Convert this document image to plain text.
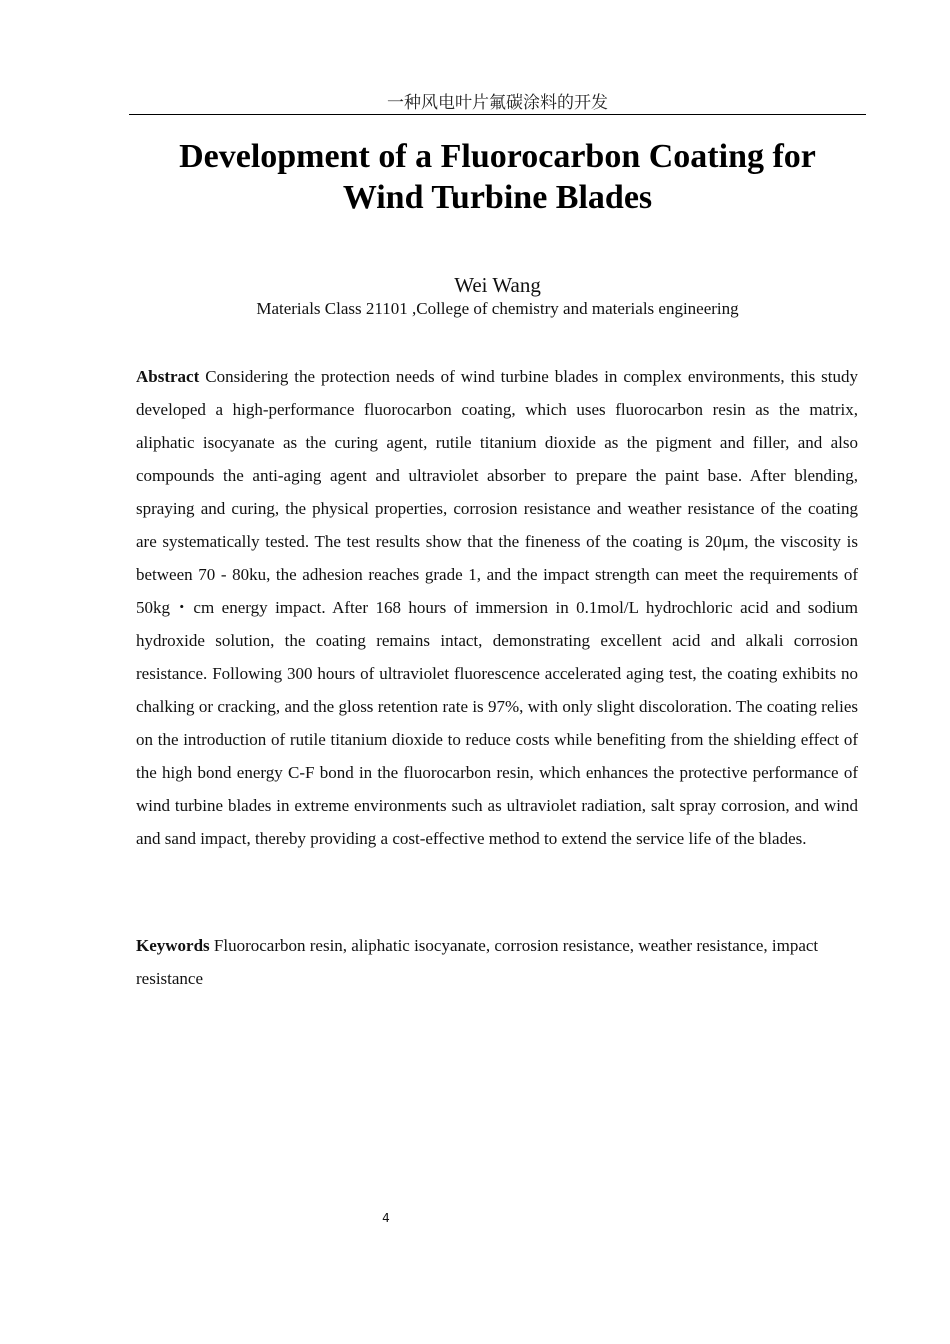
一种风电叶片氟碳涂料的开发
Development of a Fluorocarbon Coating for
Wind Turbine Blades
Wei Wang
Materials Class 21101 ,College of chemistry and materials engineering

Abstract Considering the protection needs of wind turbine blades in complex environments, this study developed a high-performance fluorocarbon coating, which uses fluorocarbon resin as the matrix, aliphatic isocyanate as the curing agent, rutile titanium dioxide as the pigment and filler, and also compounds the anti-aging agent and ultraviolet absorber to prepare the paint base. After blending, spraying and curing, the physical properties, corrosion resistance and weather resistance of the coating are systematically tested. The test results show that the fineness of the coating is 20μm, the viscosity is between 70 - 80ku, the adhesion reaches grade 1, and the impact strength can meet the requirements of 50kg・cm energy impact. After 168 hours of immersion in 0.1mol/L hydrochloric acid and sodium hydroxide solution, the coating remains intact, demonstrating excellent acid and alkali corrosion resistance. Following 300 hours of ultraviolet fluorescence accelerated aging test, the coating exhibits no chalking or cracking, and the gloss retention rate is 97%, with only slight discoloration. The coating relies on the introduction of rutile titanium dioxide to reduce costs while benefiting from the shielding effect of the high bond energy C-F bond in the fluorocarbon resin, which enhances the protective performance of wind turbine blades in extreme environments such as ultraviolet radiation, salt spray corrosion, and wind and sand impact, thereby providing a cost-effective method to extend the service life of the blades.

Keywords Fluorocarbon resin, aliphatic isocyanate, corrosion resistance, weather resistance, impact resistance

4
